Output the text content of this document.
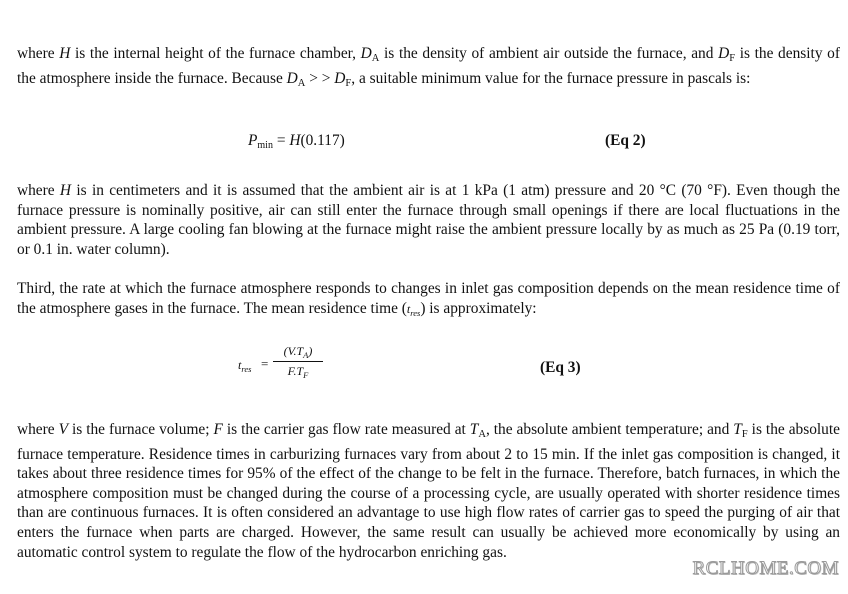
where H is the internal height of the furnace chamber, $D_A$ is the density of ambient air outside the furnace, and $D_F$ is the density of the atmosphere inside the furnace. Because $D_A$ > > $D_F$, a suitable minimum value for the furnace pressure in pascals is:

Pmin = H(0.117)	(Eq 2)

where H is in centimeters and it is assumed that the ambient air is at 1 kPa (1 atm) pressure and 20 °C (70 °F). Even though the furnace pressure is nominally positive, air can still enter the furnace through small openings if there are local fluctuations in the ambient pressure. A large cooling fan blowing at the furnace might raise the ambient pressure locally by as much as 25 Pa (0.19 torr, or 0.1 in. water column).

Third, the rate at which the furnace atmosphere responds to changes in inlet gas composition depends on the mean residence time of the atmosphere gases in the furnace. The mean residence time (tres) is approximately:

$t_{res} = \frac{(V.T_A)}{F.T_F}$	(Eq 3)

where V is the furnace volume; F is the carrier gas flow rate measured at $T_A$, the absolute ambient temperature; and $T_F$ is the absolute furnace temperature. Residence times in carburizing furnaces vary from about 2 to 15 min. If the inlet gas composition is changed, it takes about three residence times for 95% of the effect of the change to be felt in the furnace. Therefore, batch furnaces, in which the atmosphere composition must be changed during the course of a processing cycle, are usually operated with shorter residence times than are continuous furnaces. It is often considered an advantage to use high flow rates of carrier gas to speed the purging of air that enters the furnace when parts are charged. However, the same result can usually be achieved more economically by using an automatic control system to regulate the flow of the hydrocarbon enriching gas.

RCLHOME.COM
